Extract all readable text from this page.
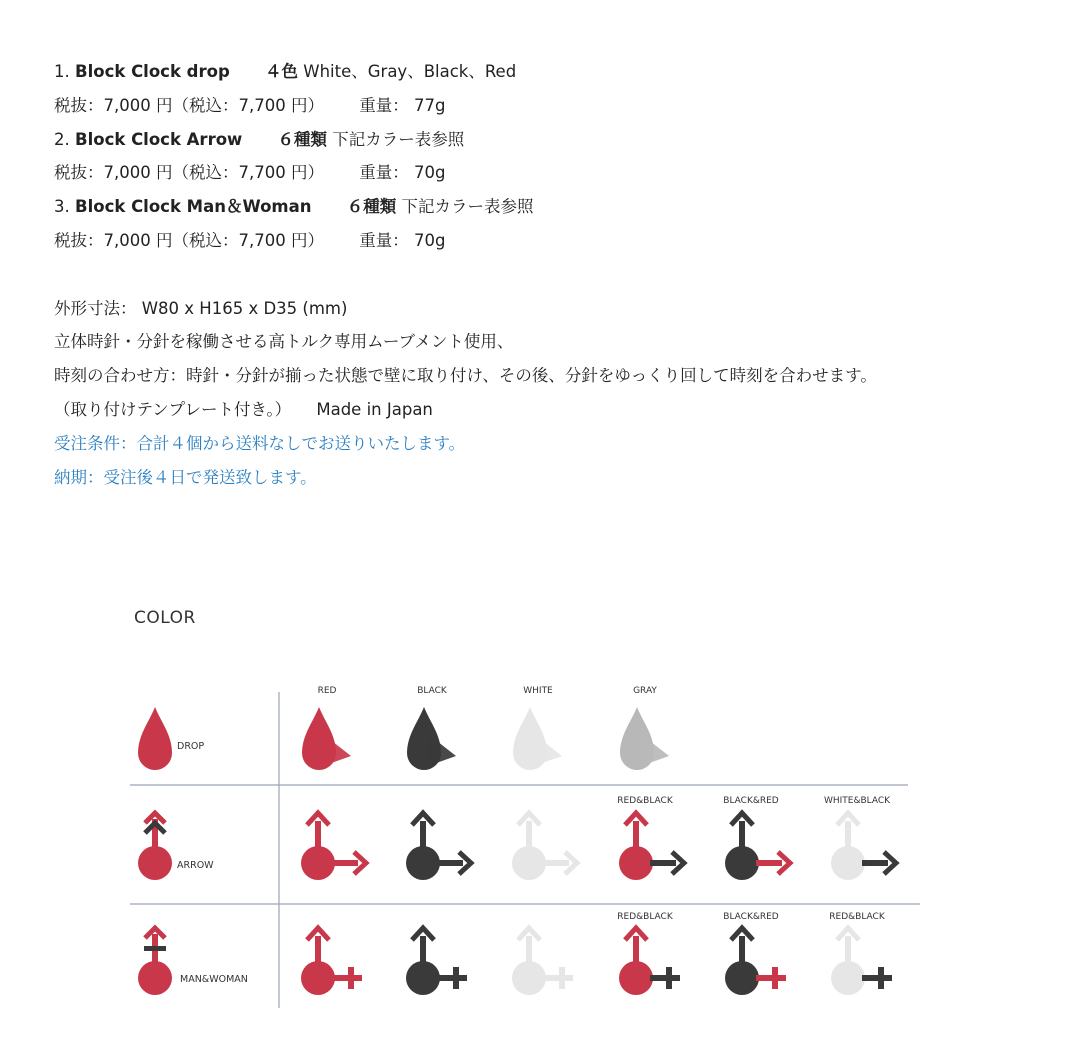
1. Block Clock drop ４色 White、Gray、Black、Red
税抜：7,000 円（税込：7,700 円） 重量： 77g
2. Block Clock Arrow ６種類 下記カラー表参照
税抜：7,000 円（税込：7,700 円） 重量： 70g
3. Block Clock Man＆Woman ６種類 下記カラー表参照
税抜：7,000 円（税込：7,700 円） 重量： 70g
外形寸法： W80 x H165 x D35 (mm)
立体時針・分針を稼働させる高トルク専用ムーブメント使用、
時刻の合わせ方：時針・分針が揃った状態で壁に取り付け、その後、分針をゆっくり回して時刻を合わせます。
（取り付けテンプレート付き。） Made in Japan
受注条件：合計４個から送料なしでお送りいたします。
納期：受注後４日で発送致します。
COLOR
DROP
RED	BLACK	WHITE	GRAY
ARROW
RED&BLACK	BLACK&RED	WHITE&BLACK
MAN&WOMAN
RED&BLACK	BLACK&RED	RED&BLACK
